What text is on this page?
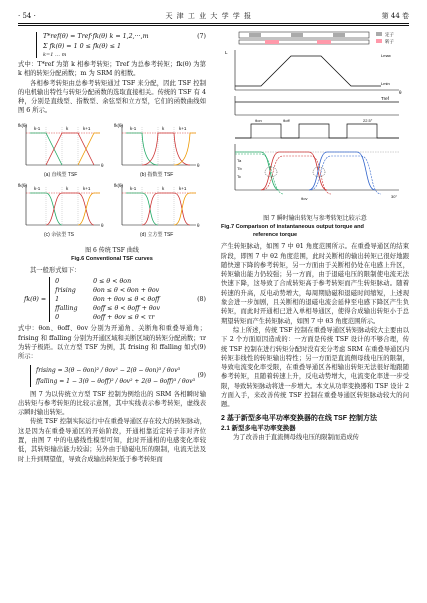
· 54 ·	天 津 工 业 大 学 学 报	第 44 卷
(7)
T*ref(θ) = Tref·fk(θ) k = 1,2,···,m
Σ fk(θ) = 1 0 ≤ fk(θ) ≤ 1
k=1 … m

式中：T*ref 为第 k 相参考转矩；Tref 为总参考转矩；fk(θ) 为第 k 相的转矩分配函数；m 为 SRM 的相数。

各相参考转矩由总参考转矩通过 TSF 来分配，因此 TSF 控制的电机输出特性与转矩分配函数的选取直接相关。传统的 TSF 有 4 种，分别是直线型、指数型、余弦型和立方型，它们的函数曲线如图 6 所示。

fk(θ)	fk(θ)
fk(θ)	fk(θ)
θ	θ
θ	θ
k-1	k	k+1	k-1	k	k+1
k-1	k	k+1	k-1	k	k+1
(a) 直线型 TSF	(b) 指数型 TSF
(c) 余弦型 TS	(d) 立方型 TSF
图 6 传统 TSF 曲线
Fig.6 Conventional TSF curves

其一般形式如下：

fk(θ) =
0	0 ≤ θ < θon
frising	θon ≤ θ < θon + θov
1	θon + θov ≤ θ < θoff
ffalling	θoff ≤ θ < θoff + θov
0	θoff + θov ≤ θ < τr
(8)

式中：θon、θoff、θov 分别为开通角、关断角和重叠导通角；frising 和 ffalling 分别为开通区域和关断区域的转矩分配函数；τr 为转子极距。以立方型 TSF 为例，其 frising 和 ffalling 如式(9)所示：

frising = 3(θ − θon)² / θov² − 2(θ − θon)³ / θov³
ffalling = 1 − 3(θ − θoff)² / θov² + 2(θ − θoff)³ / θov³
(9)

图 7 为以传统立方型 TSF 控制为例绘出的 SRM 各相瞬时输出转矩与参考转矩的比较示意图，其中实线表示参考转矩，虚线表示瞬时输出转矩。

传统 TSF 控制实际运行中在重叠导通区存在较大的转矩脉动，这是因为在重叠导通区的开始阶段，开通相靠近定转子非对齐位置，由图 7 中的电感线性模型可知，此时开通相的电感变化率较低，其转矩输出能力较弱；另外由于励磁电压的限制，电流无法及时上升到期望值，导致合成输出转矩低于参考转矩而

定子
转子
L
Lmax
Lmin
θ
Tref
θon	θoff	22.5°
Ta
Tb
Tc
θov	30°
图 7 瞬时输出转矩与参考转矩比较示意
Fig.7 Comparison of instantaneous output torque and
reference torque

产生转矩脉动，如图 7 中 θ1 角度范围所示。在重叠导通区的结束阶段，即图 7 中 θ2 角度范围，此时关断相的输出转矩已很好地跟随快速下降的参考转矩，另一方面由于关断相仍处在电感上升区，转矩输出能力仍较强；另一方面，由于退磁电压的限制使电流无法快速下降，这导致了合成转矩高于参考转矩而产生转矩脉动。随着转速的升高，反电动势增大，每周期励磁和退磁时间缩短，上述现象会进一步加剧，且关断相的退磁电流会延伸至电感下降区产生负转矩，而此时开通相已进入单相导通区，使得合成输出转矩小于总期望转矩而产生转矩脉动，如图 7 中 θ3 角度范围所示。

综上所述，传统 TSF 控制在重叠导通区转矩脉动较大主要由以下 2 个方面原因造成的：一方面是传统 TSF 设计的不够合理，传统 TSF 控制在进行转矩分配时没有充分考虑 SRM 在重叠导通区内转矩非线性的转矩输出特性；另一方面是直流侧母线电压的限制，导致电流变化率受限，在重叠导通区各相输出转矩无法很好地跟随参考转矩，且随着转速上升，反电动势增大，电流变化率进一步受限，导致转矩脉动将进一步增大。本文从功率变换器和 TSF 设计 2 方面入手，来改善传统 TSF 控制在重叠导通区转矩脉动较大的问题。

2 基于新型多电平功率变换器的在线 TSF 控制方法
2.1 新型多电平功率变换器

为了改善由于直流侧母线电压的限制而造成传
